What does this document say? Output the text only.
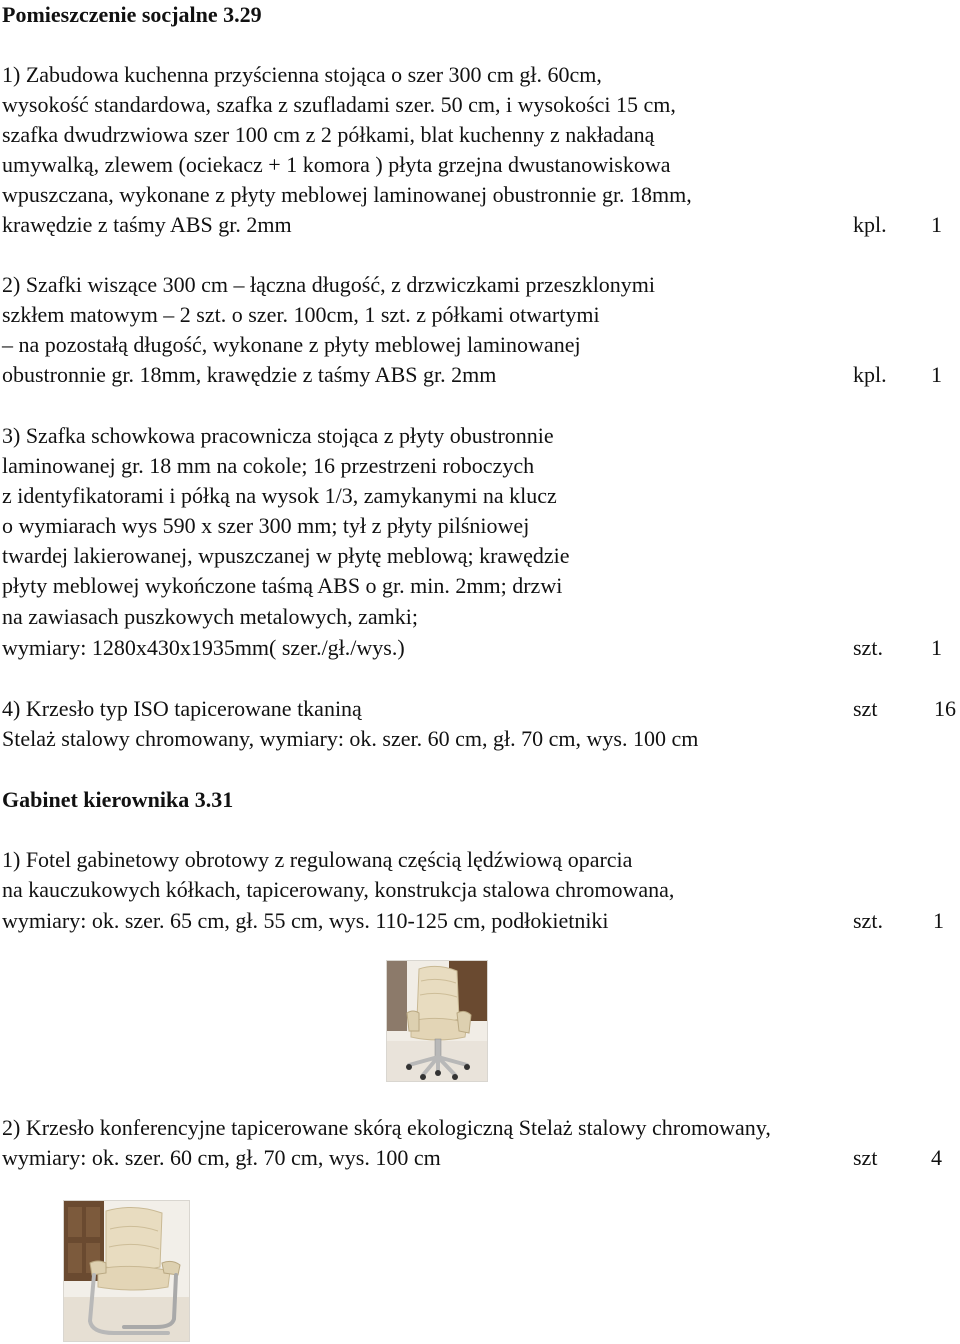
Pomieszczenie socjalne 3.29
1) Zabudowa kuchenna przyścienna stojąca o szer 300 cm gł. 60cm,
wysokość standardowa, szafka z szufladami szer. 50 cm, i wysokości 15 cm,
szafka dwudrzwiowa szer 100 cm z 2 półkami, blat kuchenny z nakładaną
umywalką, zlewem (ociekacz + 1 komora ) płyta grzejna dwustanowiskowa
wpuszczana, wykonane z płyty meblowej laminowanej obustronnie gr. 18mm,
krawędzie z taśmy ABS gr. 2mm	kpl.	1
2) Szafki wiszące 300 cm – łączna długość, z drzwiczkami przeszklonymi
szkłem matowym – 2 szt. o szer. 100cm, 1 szt. z półkami otwartymi
– na pozostałą długość, wykonane z płyty meblowej laminowanej
obustronnie gr. 18mm, krawędzie z taśmy ABS gr. 2mm	kpl.	1
3) Szafka schowkowa pracownicza stojąca z płyty obustronnie
laminowanej gr. 18 mm na cokole; 16 przestrzeni roboczych
z identyfikatorami i półką na wysok 1/3, zamykanymi na klucz
o wymiarach wys 590 x szer 300 mm; tył z płyty pilśniowej
twardej lakierowanej, wpuszczanej w płytę meblową; krawędzie
płyty meblowej wykończone taśmą ABS o gr. min. 2mm; drzwi
na zawiasach puszkowych metalowych, zamki;
wymiary: 1280x430x1935mm( szer./gł./wys.)	szt.	1
4) Krzesło typ ISO tapicerowane tkaniną	szt	16
Stelaż stalowy chromowany, wymiary: ok. szer. 60 cm, gł. 70 cm, wys. 100 cm
Gabinet kierownika 3.31
1) Fotel gabinetowy obrotowy z regulowaną częścią lędźwiową oparcia
na kauczukowych kółkach, tapicerowany, konstrukcja stalowa chromowana,
wymiary: ok. szer. 65 cm, gł. 55 cm, wys. 110-125 cm, podłokietniki	szt.	1
2) Krzesło konferencyjne tapicerowane skórą ekologiczną Stelaż stalowy chromowany,
wymiary: ok. szer. 60 cm, gł. 70 cm, wys. 100 cm	szt	4
